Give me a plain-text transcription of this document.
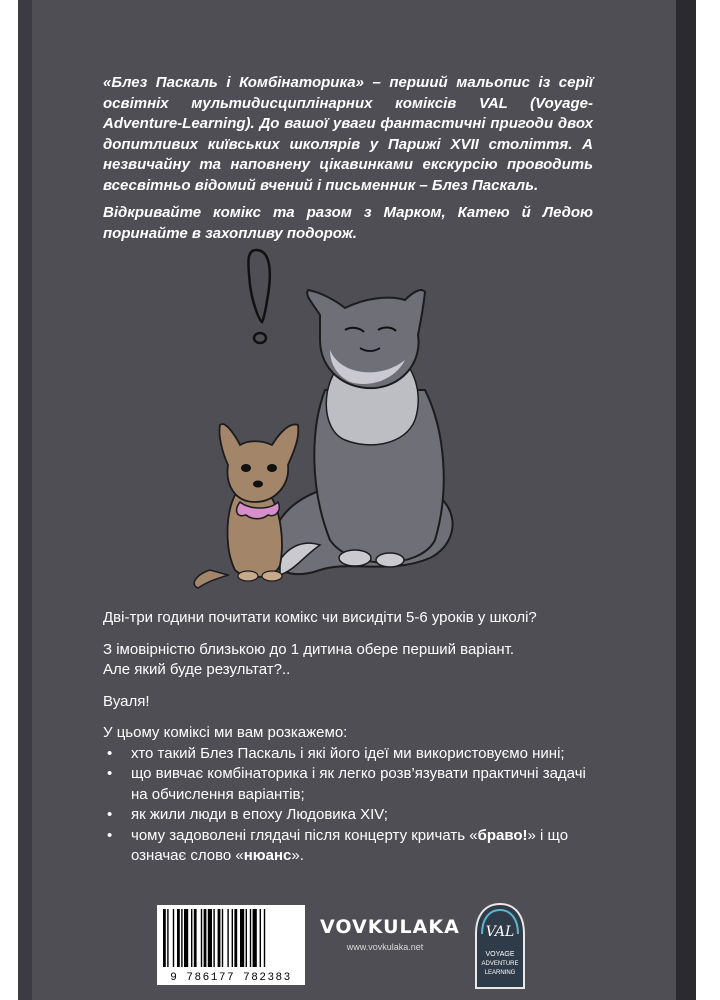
«Блез Паскаль і Комбінаторика» – перший мальопис із серії освітніх мультидисциплінарних коміксів VAL (Voyage-Adventure-Learning). До вашої уваги фантастичні пригоди двох допитливих київських школярів у Парижі XVII століття. А незвичайну та наповнену цікавинками екскурсію проводить всесвітньо відомий вчений і письменник – Блез Паскаль.

Відкривайте комікс та разом з Марком, Катею й Ледою поринайте в захопливу подорож.

!

Дві-три години почитати комікс чи висидіти 5-6 уроків у школі?

З імовірністю близькою до 1 дитина обере перший варіант.
Але який буде результат?..

Вуаля!

У цьому коміксі ми вам розкажемо:
• хто такий Блез Паскаль і які його ідеї ми використовуємо нині;
• що вивчає комбінаторика і як легко розв’язувати практичні задачі на обчислення варіантів;
• як жили люди в епоху Людовика XIV;
• чому задоволені глядачі після концерту кричать «браво!» і що означає слово «нюанс».
9 786177 782383
VOVKULAKA
www.vovkulaka.net
VAL
VOYAGE
ADVENTURE
LEARNING
